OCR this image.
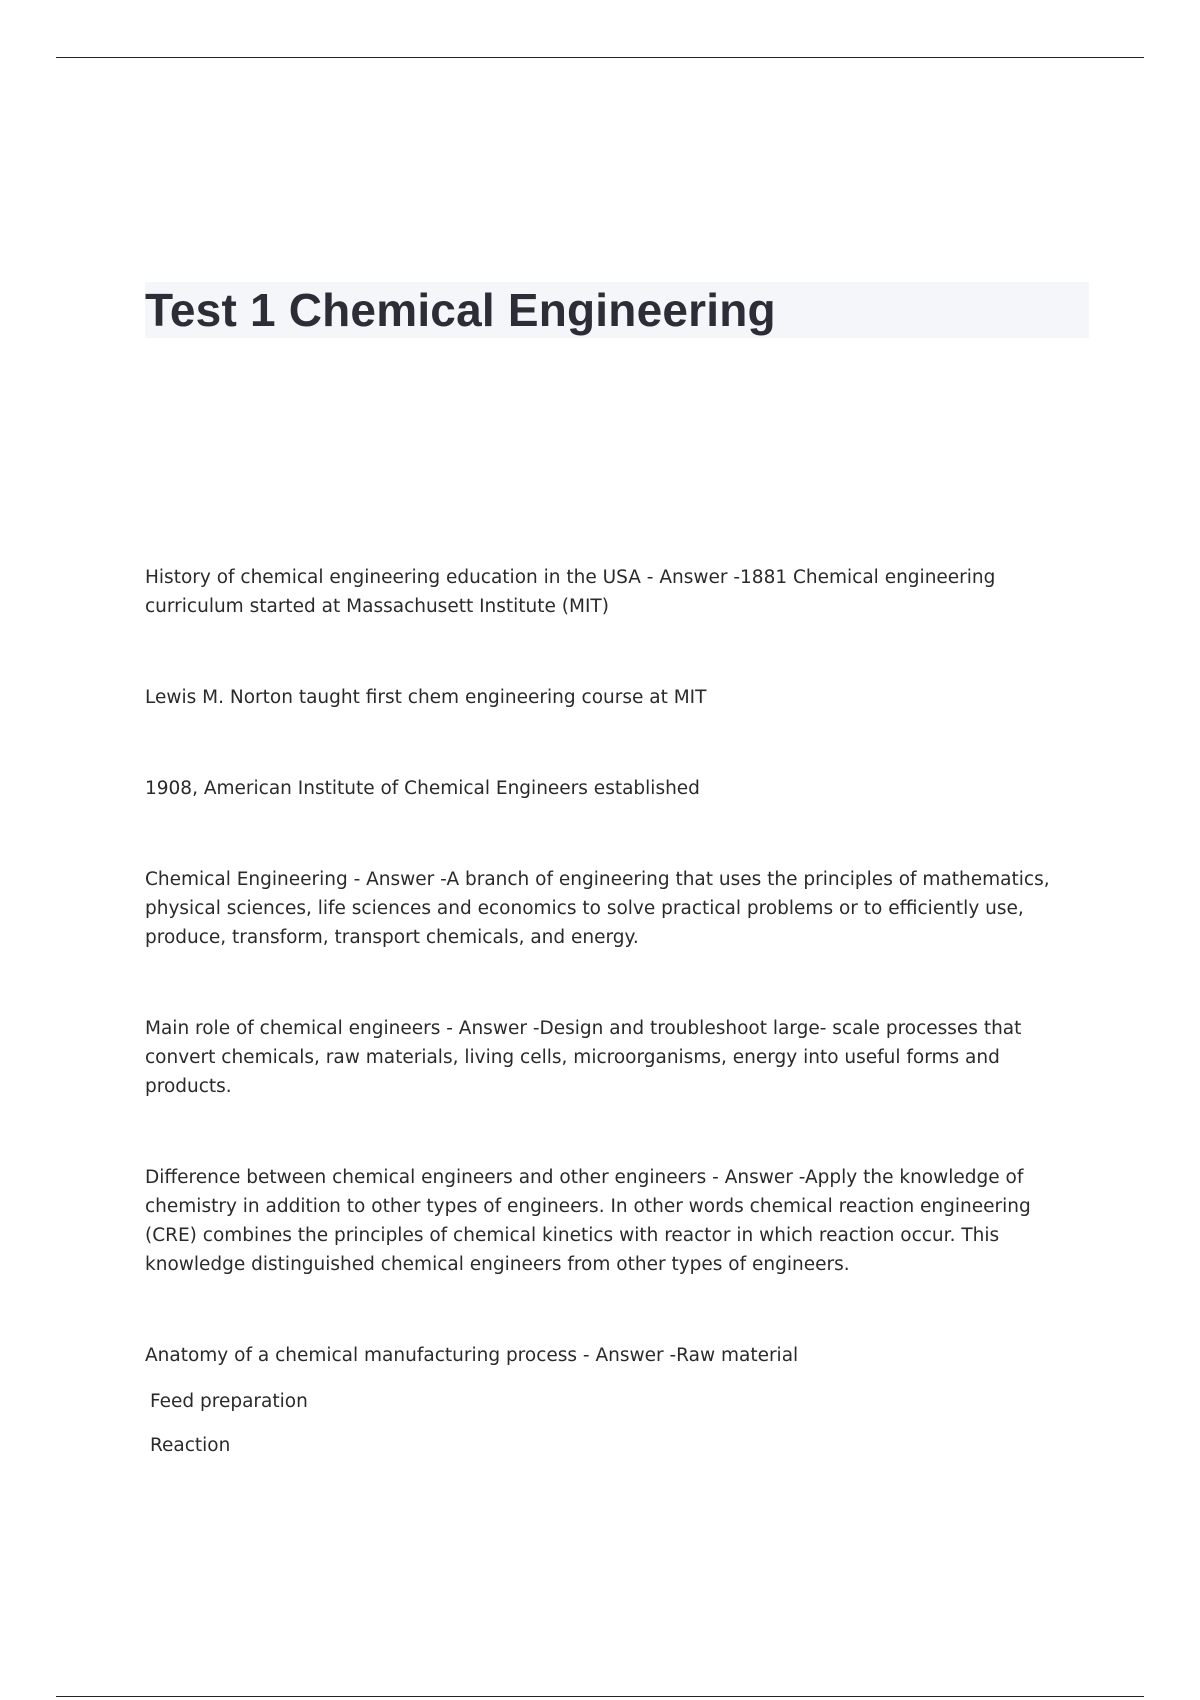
Test 1 Chemical Engineering

History of chemical engineering education in the USA - Answer -1881 Chemical engineering curriculum started at Massachusett Institute (MIT)

Lewis M. Norton taught first chem engineering course at MIT

1908, American Institute of Chemical Engineers established

Chemical Engineering - Answer -A branch of engineering that uses the principles of mathematics, physical sciences, life sciences and economics to solve practical problems or to efficiently use, produce, transform, transport chemicals, and energy.

Main role of chemical engineers - Answer -Design and troubleshoot large- scale processes that convert chemicals, raw materials, living cells, microorganisms, energy into useful forms and products.

Difference between chemical engineers and other engineers - Answer -Apply the knowledge of chemistry in addition to other types of engineers. In other words chemical reaction engineering (CRE) combines the principles of chemical kinetics with reactor in which reaction occur. This knowledge distinguished chemical engineers from other types of engineers.

Anatomy of a chemical manufacturing process - Answer -Raw material

Feed preparation

Reaction
